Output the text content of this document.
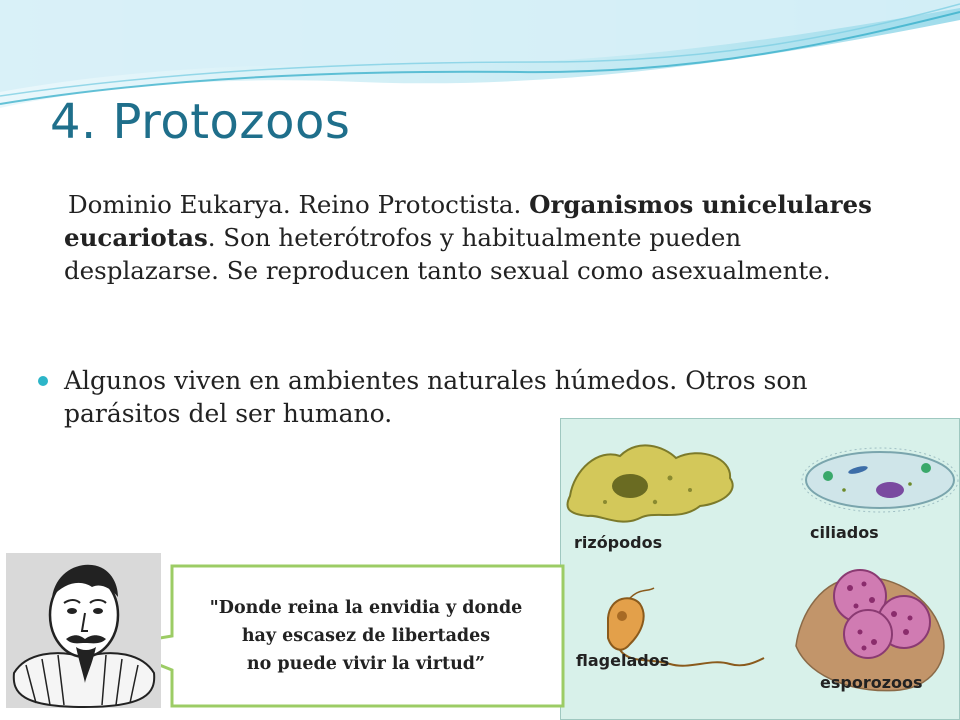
4. Protozoos

Dominio Eukarya. Reino Protoctista. Organismos unicelulares eucariotas. Son heterótrofos y habitualmente pueden desplazarse. Se reproducen tanto sexual como asexualmente.

Algunos viven en ambientes naturales húmedos. Otros son parásitos del ser humano.

rizópodos
ciliados
flagelados
esporozoos

"Donde reina la envidia y donde
hay escasez de libertades
no puede vivir la virtud”
